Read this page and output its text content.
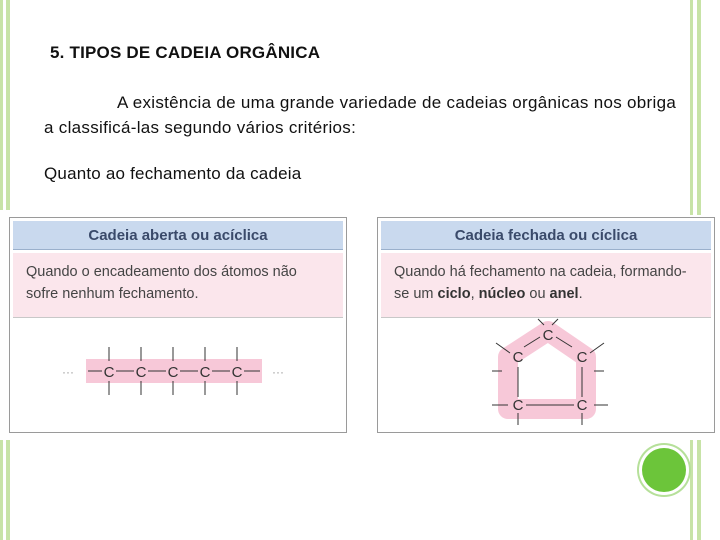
5. TIPOS DE CADEIA ORGÂNICA

A existência de uma grande variedade de cadeias orgânicas nos obriga a classificá-las segundo vários critérios:

Quanto ao fechamento da cadeia

Cadeia aberta ou acíclica
Quando o encadeamento dos átomos não sofre nenhum fechamento.
···	···
C C C C C
Cadeia fechada ou cíclica
Quando há fechamento na cadeia, formando-se um ciclo, núcleo ou anel.
C
C	C
C	C
